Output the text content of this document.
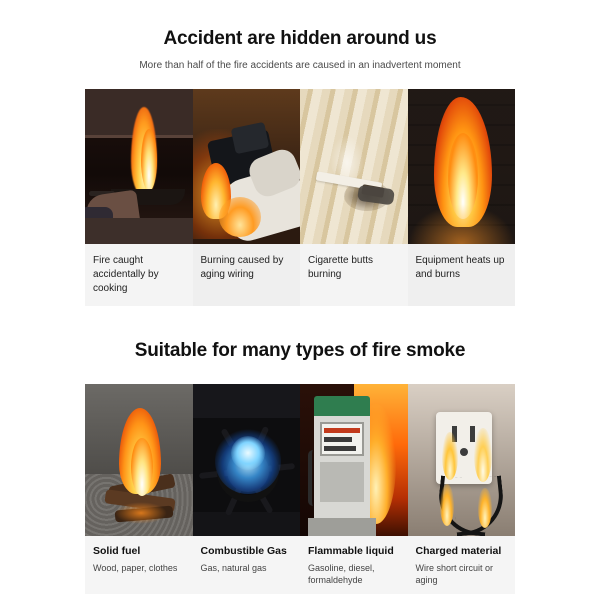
Accident are hidden around us
More than half of the fire accidents are caused in an inadvertent moment
Fire caught accidentally by cooking
Burning caused by aging wiring
Cigarette butts burning
Equipment heats up and burns
Suitable for many types of fire smoke
Solid fuel
Wood, paper, clothes
Combustible Gas
Gas, natural gas
Flammable liquid
Gasoline, diesel, formaldehyde
Charged material
Wire short circuit or aging
